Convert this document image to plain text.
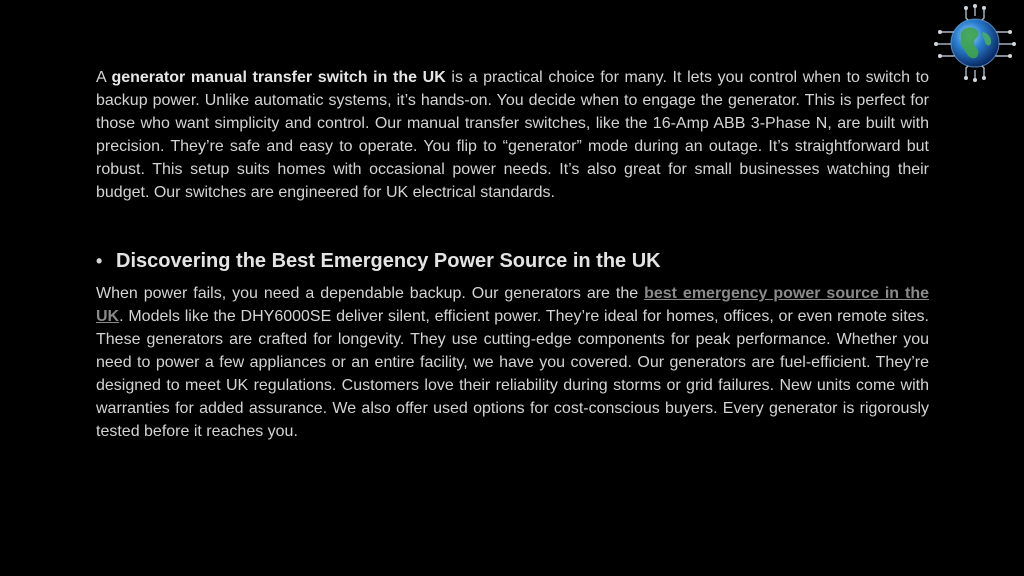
A generator manual transfer switch in the UK is a practical choice for many. It lets you control when to switch to backup power. Unlike automatic systems, it’s hands-on. You decide when to engage the generator. This is perfect for those who want simplicity and control. Our manual transfer switches, like the 16-Amp ABB 3-Phase N, are built with precision. They’re safe and easy to operate. You flip to “generator” mode during an outage. It’s straightforward but robust. This setup suits homes with occasional power needs. It’s also great for small businesses watching their budget. Our switches are engineered for UK electrical standards.

• Discovering the Best Emergency Power Source in the UK

When power fails, you need a dependable backup. Our generators are the best emergency power source in the UK. Models like the DHY6000SE deliver silent, efficient power. They’re ideal for homes, offices, or even remote sites. These generators are crafted for longevity. They use cutting-edge components for peak performance. Whether you need to power a few appliances or an entire facility, we have you covered. Our generators are fuel-efficient. They’re designed to meet UK regulations. Customers love their reliability during storms or grid failures. New units come with warranties for added assurance. We also offer used options for cost-conscious buyers. Every generator is rigorously tested before it reaches you.
